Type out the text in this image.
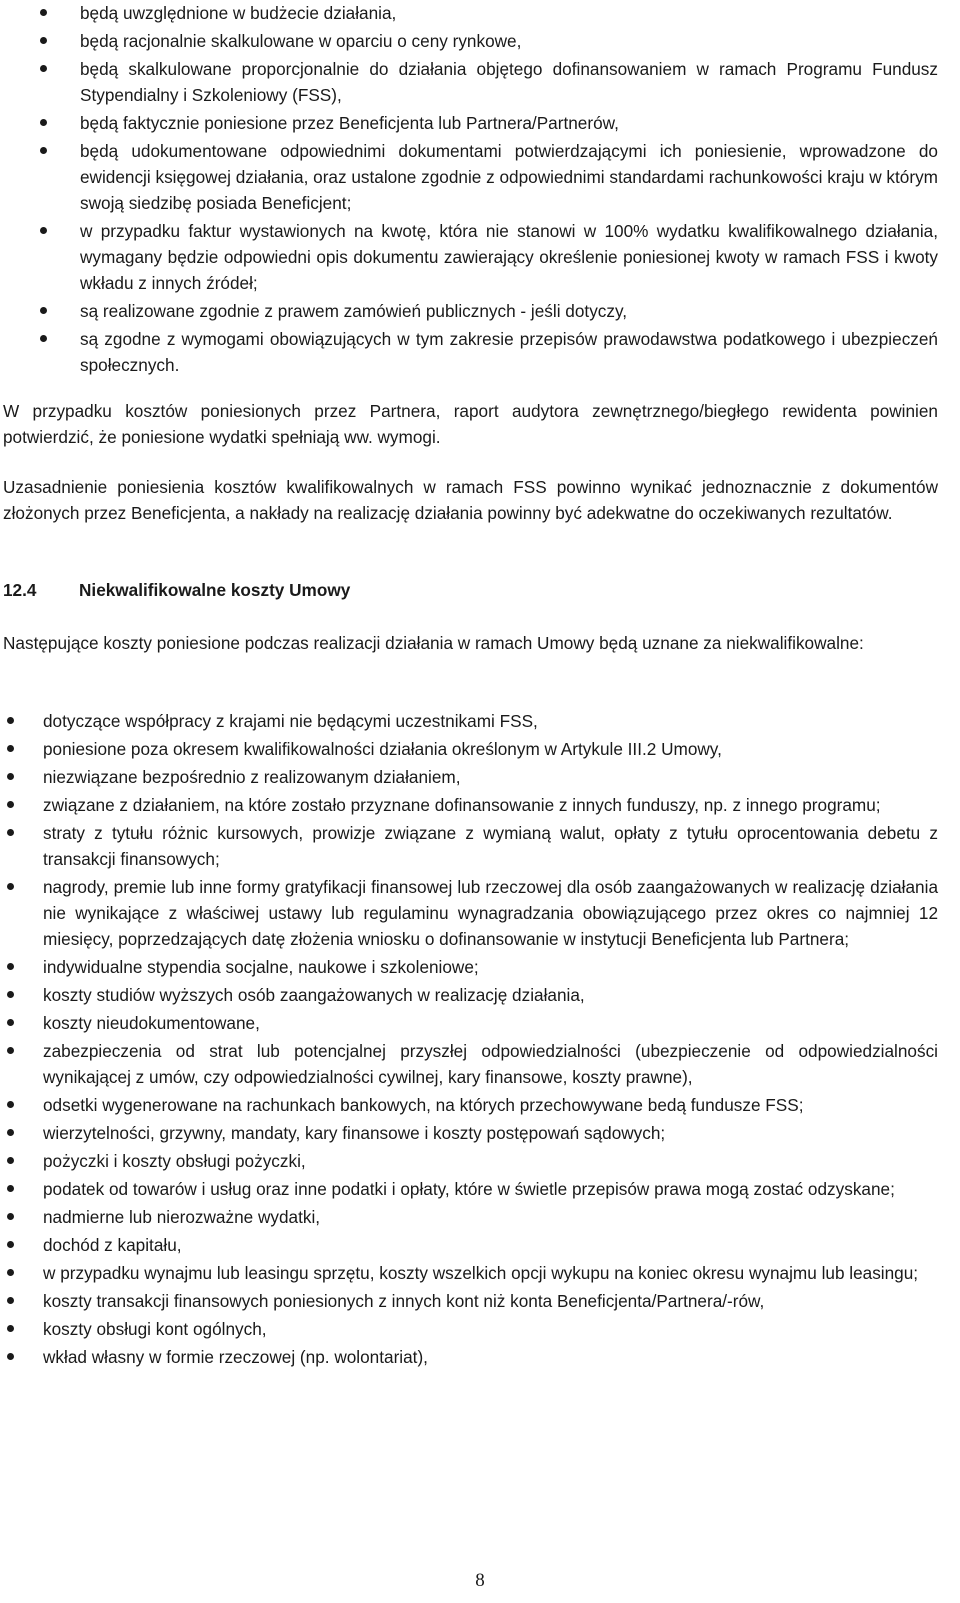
będą uwzględnione w budżecie działania,
będą racjonalnie skalkulowane w oparciu o ceny rynkowe,
będą skalkulowane proporcjonalnie do działania objętego dofinansowaniem w ramach Programu Fundusz Stypendialny i Szkoleniowy (FSS),
będą faktycznie poniesione przez Beneficjenta lub Partnera/Partnerów,
będą udokumentowane odpowiednimi dokumentami potwierdzającymi ich poniesienie, wprowadzone do ewidencji księgowej działania, oraz ustalone zgodnie z odpowiednimi standardami rachunkowości kraju w którym swoją siedzibę posiada Beneficjent;
w przypadku faktur wystawionych na kwotę, która nie stanowi w 100% wydatku kwalifikowalnego działania, wymagany będzie odpowiedni opis dokumentu zawierający określenie poniesionej kwoty w ramach FSS i kwoty wkładu z innych źródeł;
są realizowane zgodnie z prawem zamówień publicznych - jeśli dotyczy,
są zgodne z wymogami obowiązujących w tym zakresie przepisów prawodawstwa podatkowego i ubezpieczeń społecznych.

W przypadku kosztów poniesionych przez Partnera, raport audytora zewnętrznego/biegłego rewidenta powinien potwierdzić, że poniesione wydatki spełniają ww. wymogi.

Uzasadnienie poniesienia kosztów kwalifikowalnych w ramach FSS powinno wynikać jednoznacznie z dokumentów złożonych przez Beneficjenta, a nakłady na realizację działania powinny być adekwatne do oczekiwanych rezultatów.

12.4 Niekwalifikowalne koszty Umowy

Następujące koszty poniesione podczas realizacji działania w ramach Umowy będą uznane za niekwalifikowalne:

dotyczące współpracy z krajami nie będącymi uczestnikami FSS,
poniesione poza okresem kwalifikowalności działania określonym w Artykule III.2 Umowy,
niezwiązane bezpośrednio z realizowanym działaniem,
związane z działaniem, na które zostało przyznane dofinansowanie z innych funduszy, np. z innego programu;
straty z tytułu różnic kursowych, prowizje związane z wymianą walut, opłaty z tytułu oprocentowania debetu z transakcji finansowych;
nagrody, premie lub inne formy gratyfikacji finansowej lub rzeczowej dla osób zaangażowanych w realizację działania nie wynikające z właściwej ustawy lub regulaminu wynagradzania obowiązującego przez okres co najmniej 12 miesięcy, poprzedzających datę złożenia wniosku o dofinansowanie w instytucji Beneficjenta lub Partnera;
indywidualne stypendia socjalne, naukowe i szkoleniowe;
koszty studiów wyższych osób zaangażowanych w realizację działania,
koszty nieudokumentowane,
zabezpieczenia od strat lub potencjalnej przyszłej odpowiedzialności (ubezpieczenie od odpowiedzialności wynikającej z umów, czy odpowiedzialności cywilnej, kary finansowe, koszty prawne),
odsetki wygenerowane na rachunkach bankowych, na których przechowywane bedą fundusze FSS;
wierzytelności, grzywny, mandaty, kary finansowe i koszty postępowań sądowych;
pożyczki i koszty obsługi pożyczki,
podatek od towarów i usług oraz inne podatki i opłaty, które w świetle przepisów prawa mogą zostać odzyskane;
nadmierne lub nierozważne wydatki,
dochód z kapitału,
w przypadku wynajmu lub leasingu sprzętu, koszty wszelkich opcji wykupu na koniec okresu wynajmu lub leasingu;
koszty transakcji finansowych poniesionych z innych kont niż konta Beneficjenta/Partnera/-rów,
koszty obsługi kont ogólnych,
wkład własny w formie rzeczowej (np. wolontariat),
8
